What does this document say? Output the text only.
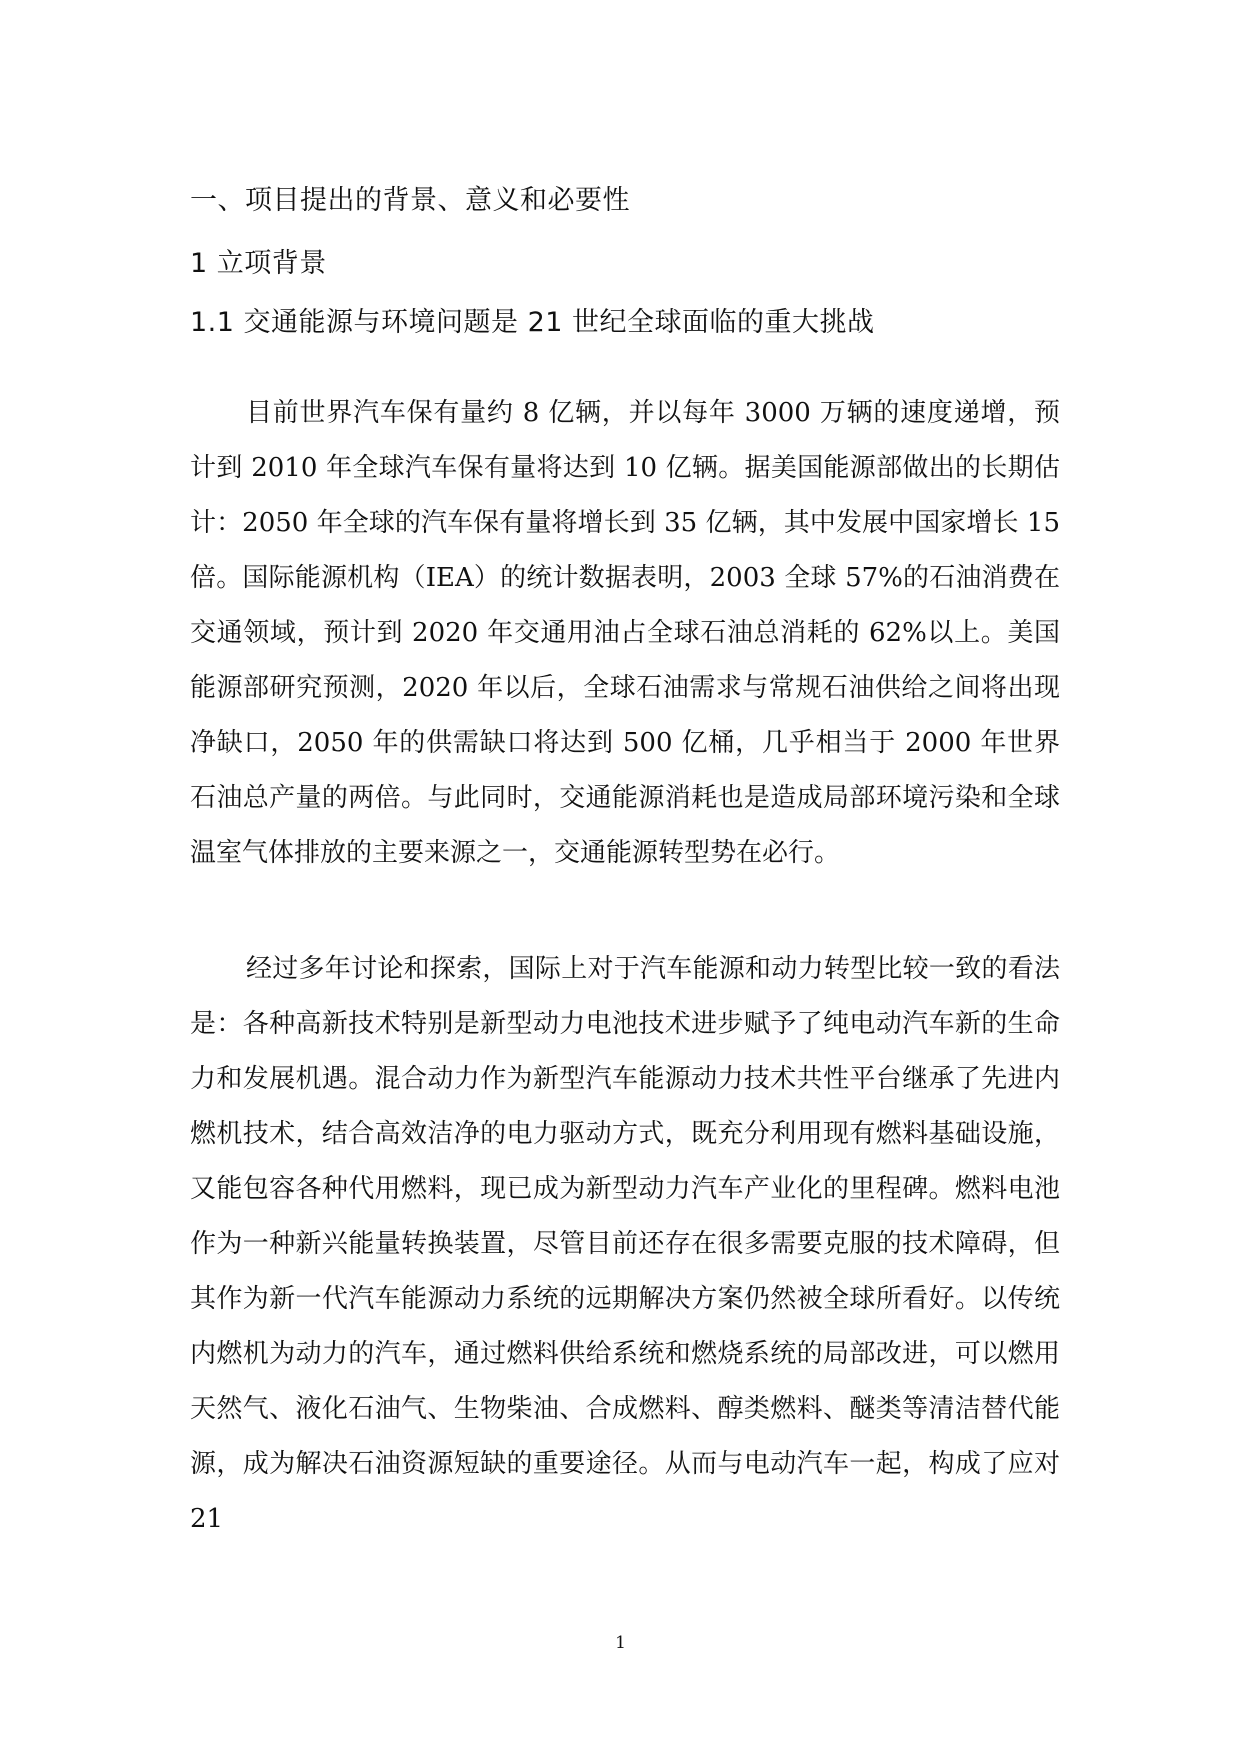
一、项目提出的背景、意义和必要性
1 立项背景
1.1 交通能源与环境问题是 21 世纪全球面临的重大挑战

目前世界汽车保有量约 8 亿辆，并以每年 3000 万辆的速度递增，预计到 2010 年全球汽车保有量将达到 10 亿辆。据美国能源部做出的长期估计：2050 年全球的汽车保有量将增长到 35 亿辆，其中发展中国家增长 15 倍。国际能源机构（IEA）的统计数据表明，2003 全球 57%的石油消费在交通领域，预计到 2020 年交通用油占全球石油总消耗的 62%以上。美国能源部研究预测，2020 年以后，全球石油需求与常规石油供给之间将出现净缺口，2050 年的供需缺口将达到 500 亿桶，几乎相当于 2000 年世界石油总产量的两倍。与此同时，交通能源消耗也是造成局部环境污染和全球温室气体排放的主要来源之一，交通能源转型势在必行。

经过多年讨论和探索，国际上对于汽车能源和动力转型比较一致的看法是：各种高新技术特别是新型动力电池技术进步赋予了纯电动汽车新的生命力和发展机遇。混合动力作为新型汽车能源动力技术共性平台继承了先进内燃机技术，结合高效洁净的电力驱动方式，既充分利用现有燃料基础设施，又能包容各种代用燃料，现已成为新型动力汽车产业化的里程碑。燃料电池作为一种新兴能量转换装置，尽管目前还存在很多需要克服的技术障碍，但其作为新一代汽车能源动力系统的远期解决方案仍然被全球所看好。以传统内燃机为动力的汽车，通过燃料供给系统和燃烧系统的局部改进，可以燃用天然气、液化石油气、生物柴油、合成燃料、醇类燃料、醚类等清洁替代能源，成为解决石油资源短缺的重要途径。从而与电动汽车一起，构成了应对 21

1
